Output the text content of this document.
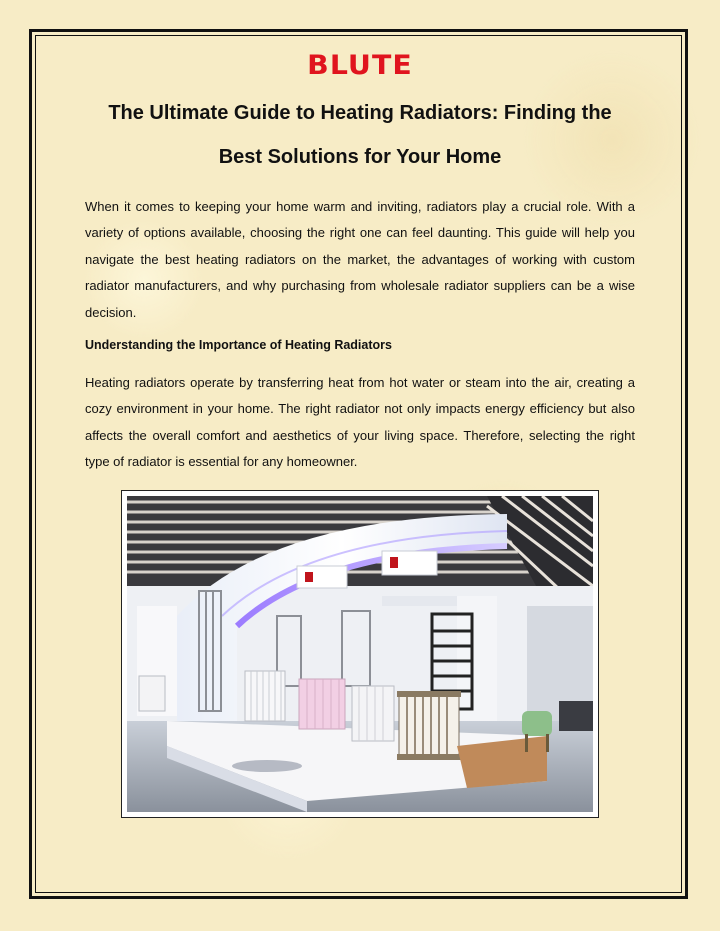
BLUTE
The Ultimate Guide to Heating Radiators: Finding the
Best Solutions for Your Home

When it comes to keeping your home warm and inviting, radiators play a crucial role. With a variety of options available, choosing the right one can feel daunting. This guide will help you navigate the best heating radiators on the market, the advantages of working with custom radiator manufacturers, and why purchasing from wholesale radiator suppliers can be a wise decision.

Understanding the Importance of Heating Radiators

Heating radiators operate by transferring heat from hot water or steam into the air, creating a cozy environment in your home. The right radiator not only impacts energy efficiency but also affects the overall comfort and aesthetics of your living space. Therefore, selecting the right type of radiator is essential for any homeowner.
